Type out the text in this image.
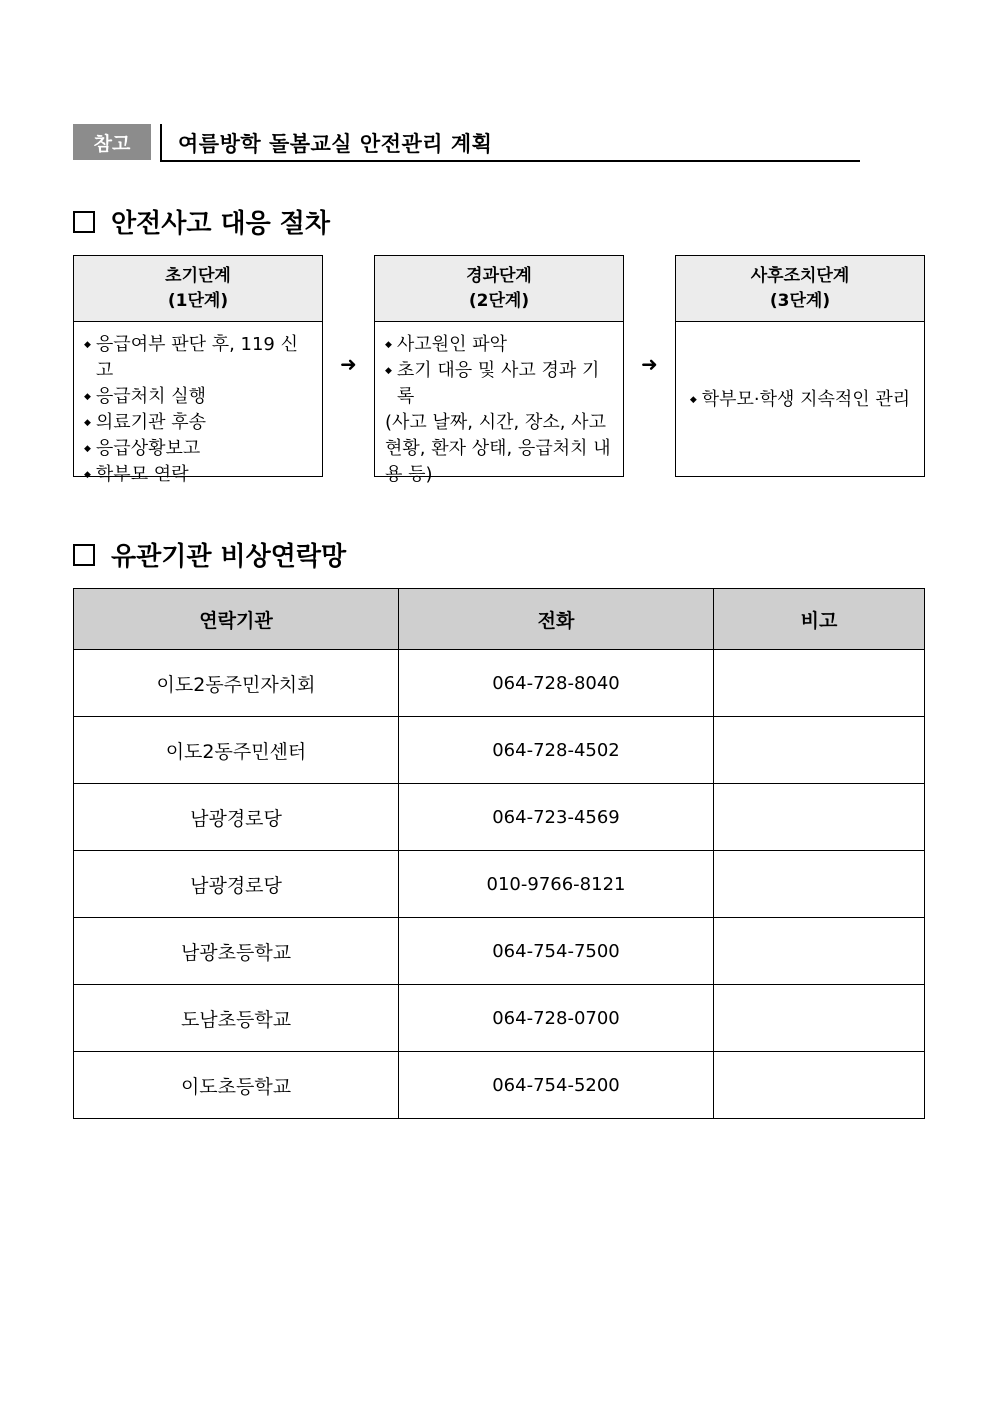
참고 여름방학 돌봄교실 안전관리 계획
안전사고 대응 절차
초기단계
(1단계)
◆ 응급여부 판단 후, 119 신고
◆ 응급처치 실행
◆ 의료기관 후송
◆ 응급상황보고
◆ 학부모 연락
➜
경과단계
(2단계)
◆ 사고원인 파악
◆ 초기 대응 및 사고 경과 기록
(사고 날짜, 시간, 장소, 사고
현황, 환자 상태, 응급처치 내
용 등)
➜
사후조치단계
(3단계)
◆ 학부모·학생 지속적인 관리
유관기관 비상연락망
연락기관	전화	비고
이도2동주민자치회	064-728-8040	
이도2동주민센터	064-728-4502	
남광경로당	064-723-4569	
남광경로당	010-9766-8121	
남광초등학교	064-754-7500	
도남초등학교	064-728-0700	
이도초등학교	064-754-5200	
